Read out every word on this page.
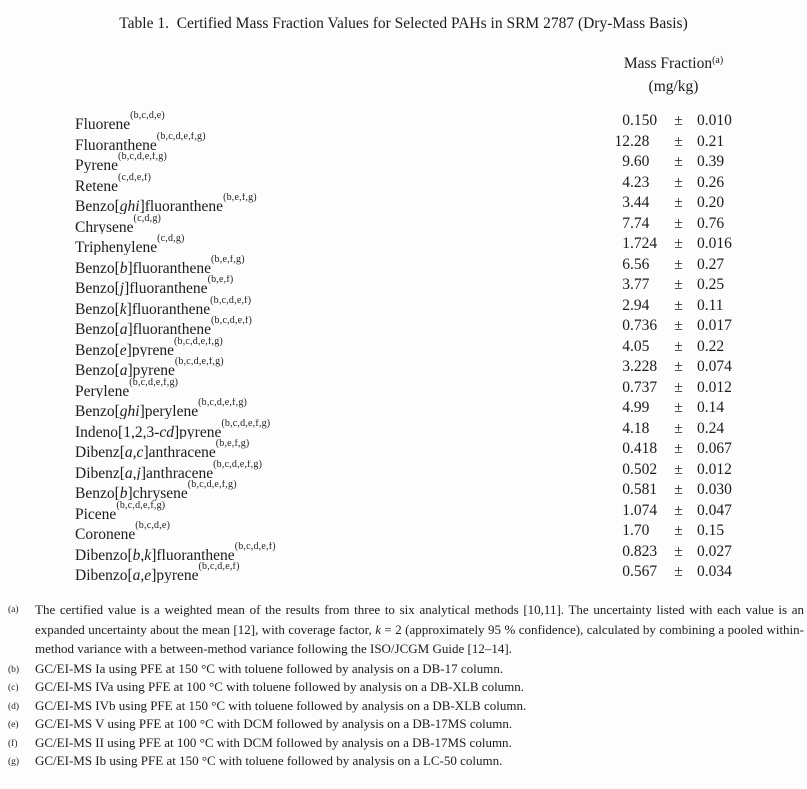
Table 1.  Certified Mass Fraction Values for Selected PAHs in SRM 2787 (Dry-Mass Basis)
Mass Fraction$^{(a)}$
(mg/kg)
Fluorene$^{(b,c,d,e)}$	0 .150	± 0.010
Fluoranthene$^{(b,c,d,e,f,g)}$	12 .28	± 0.21
Pyrene$^{(b,c,d,e,f,g)}$	9 .60	± 0.39
Retene$^{(c,d,e,f)}$	4 .23	± 0.26
Benzo[ghi]fluoranthene$^{(b,e,f,g)}$	3 .44	± 0.20
Chrysene$^{(c,d,g)}$	7 .74	± 0.76
Triphenylene$^{(c,d,g)}$	1 .724	± 0.016
Benzo[b]fluoranthene$^{(b,e,f,g)}$	6 .56	± 0.27
Benzo[j]fluoranthene$^{(b,e,f)}$	3 .77	± 0.25
Benzo[k]fluoranthene$^{(b,c,d,e,f)}$	2 .94	± 0.11
Benzo[a]fluoranthene$^{(b,c,d,e,f)}$	0 .736	± 0.017
Benzo[e]pyrene$^{(b,c,d,e,f,g)}$	4 .05	± 0.22
Benzo[a]pyrene$^{(b,c,d,e,f,g)}$	3 .228	± 0.074
Perylene$^{(b,c,d,e,f,g)}$	0 .737	± 0.012
Benzo[ghi]perylene$^{(b,c,d,e,f,g)}$	4 .99	± 0.14
Indeno[1,2,3-cd]pyrene$^{(b,c,d,e,f,g)}$	4 .18	± 0.24
Dibenz[a,c]anthracene$^{(b,e,f,g)}$	0 .418	± 0.067
Dibenz[a,j]anthracene$^{(b,c,d,e,f,g)}$	0 .502	± 0.012
Benzo[b]chrysene$^{(b,c,d,e,f,g)}$	0 .581	± 0.030
Picene$^{(b,c,d,e,f,g)}$	1 .074	± 0.047
Coronene$^{(b,c,d,e)}$	1 .70	± 0.15
Dibenzo[b,k]fluoranthene$^{(b,c,d,e,f)}$	0 .823	± 0.027
Dibenzo[a,e]pyrene$^{(b,c,d,e,f)}$	0 .567	± 0.034
(a) The certified value is a weighted mean of the results from three to six analytical methods [10,11]. The uncertainty listed with each value is an expanded uncertainty about the mean [12], with coverage factor, k = 2 (approximately 95 % confidence), calculated by combining a pooled within-method variance with a between-method variance following the ISO/JCGM Guide [12–14].
(b) GC/EI-MS Ia using PFE at 150 °C with toluene followed by analysis on a DB-17 column.
(c) GC/EI-MS IVa using PFE at 100 °C with toluene followed by analysis on a DB-XLB column.
(d) GC/EI-MS IVb using PFE at 150 °C with toluene followed by analysis on a DB-XLB column.
(e) GC/EI-MS V using PFE at 100 °C with DCM followed by analysis on a DB-17MS column.
(f) GC/EI-MS II using PFE at 100 °C with DCM followed by analysis on a DB-17MS column.
(g) GC/EI-MS Ib using PFE at 150 °C with toluene followed by analysis on a LC-50 column.
